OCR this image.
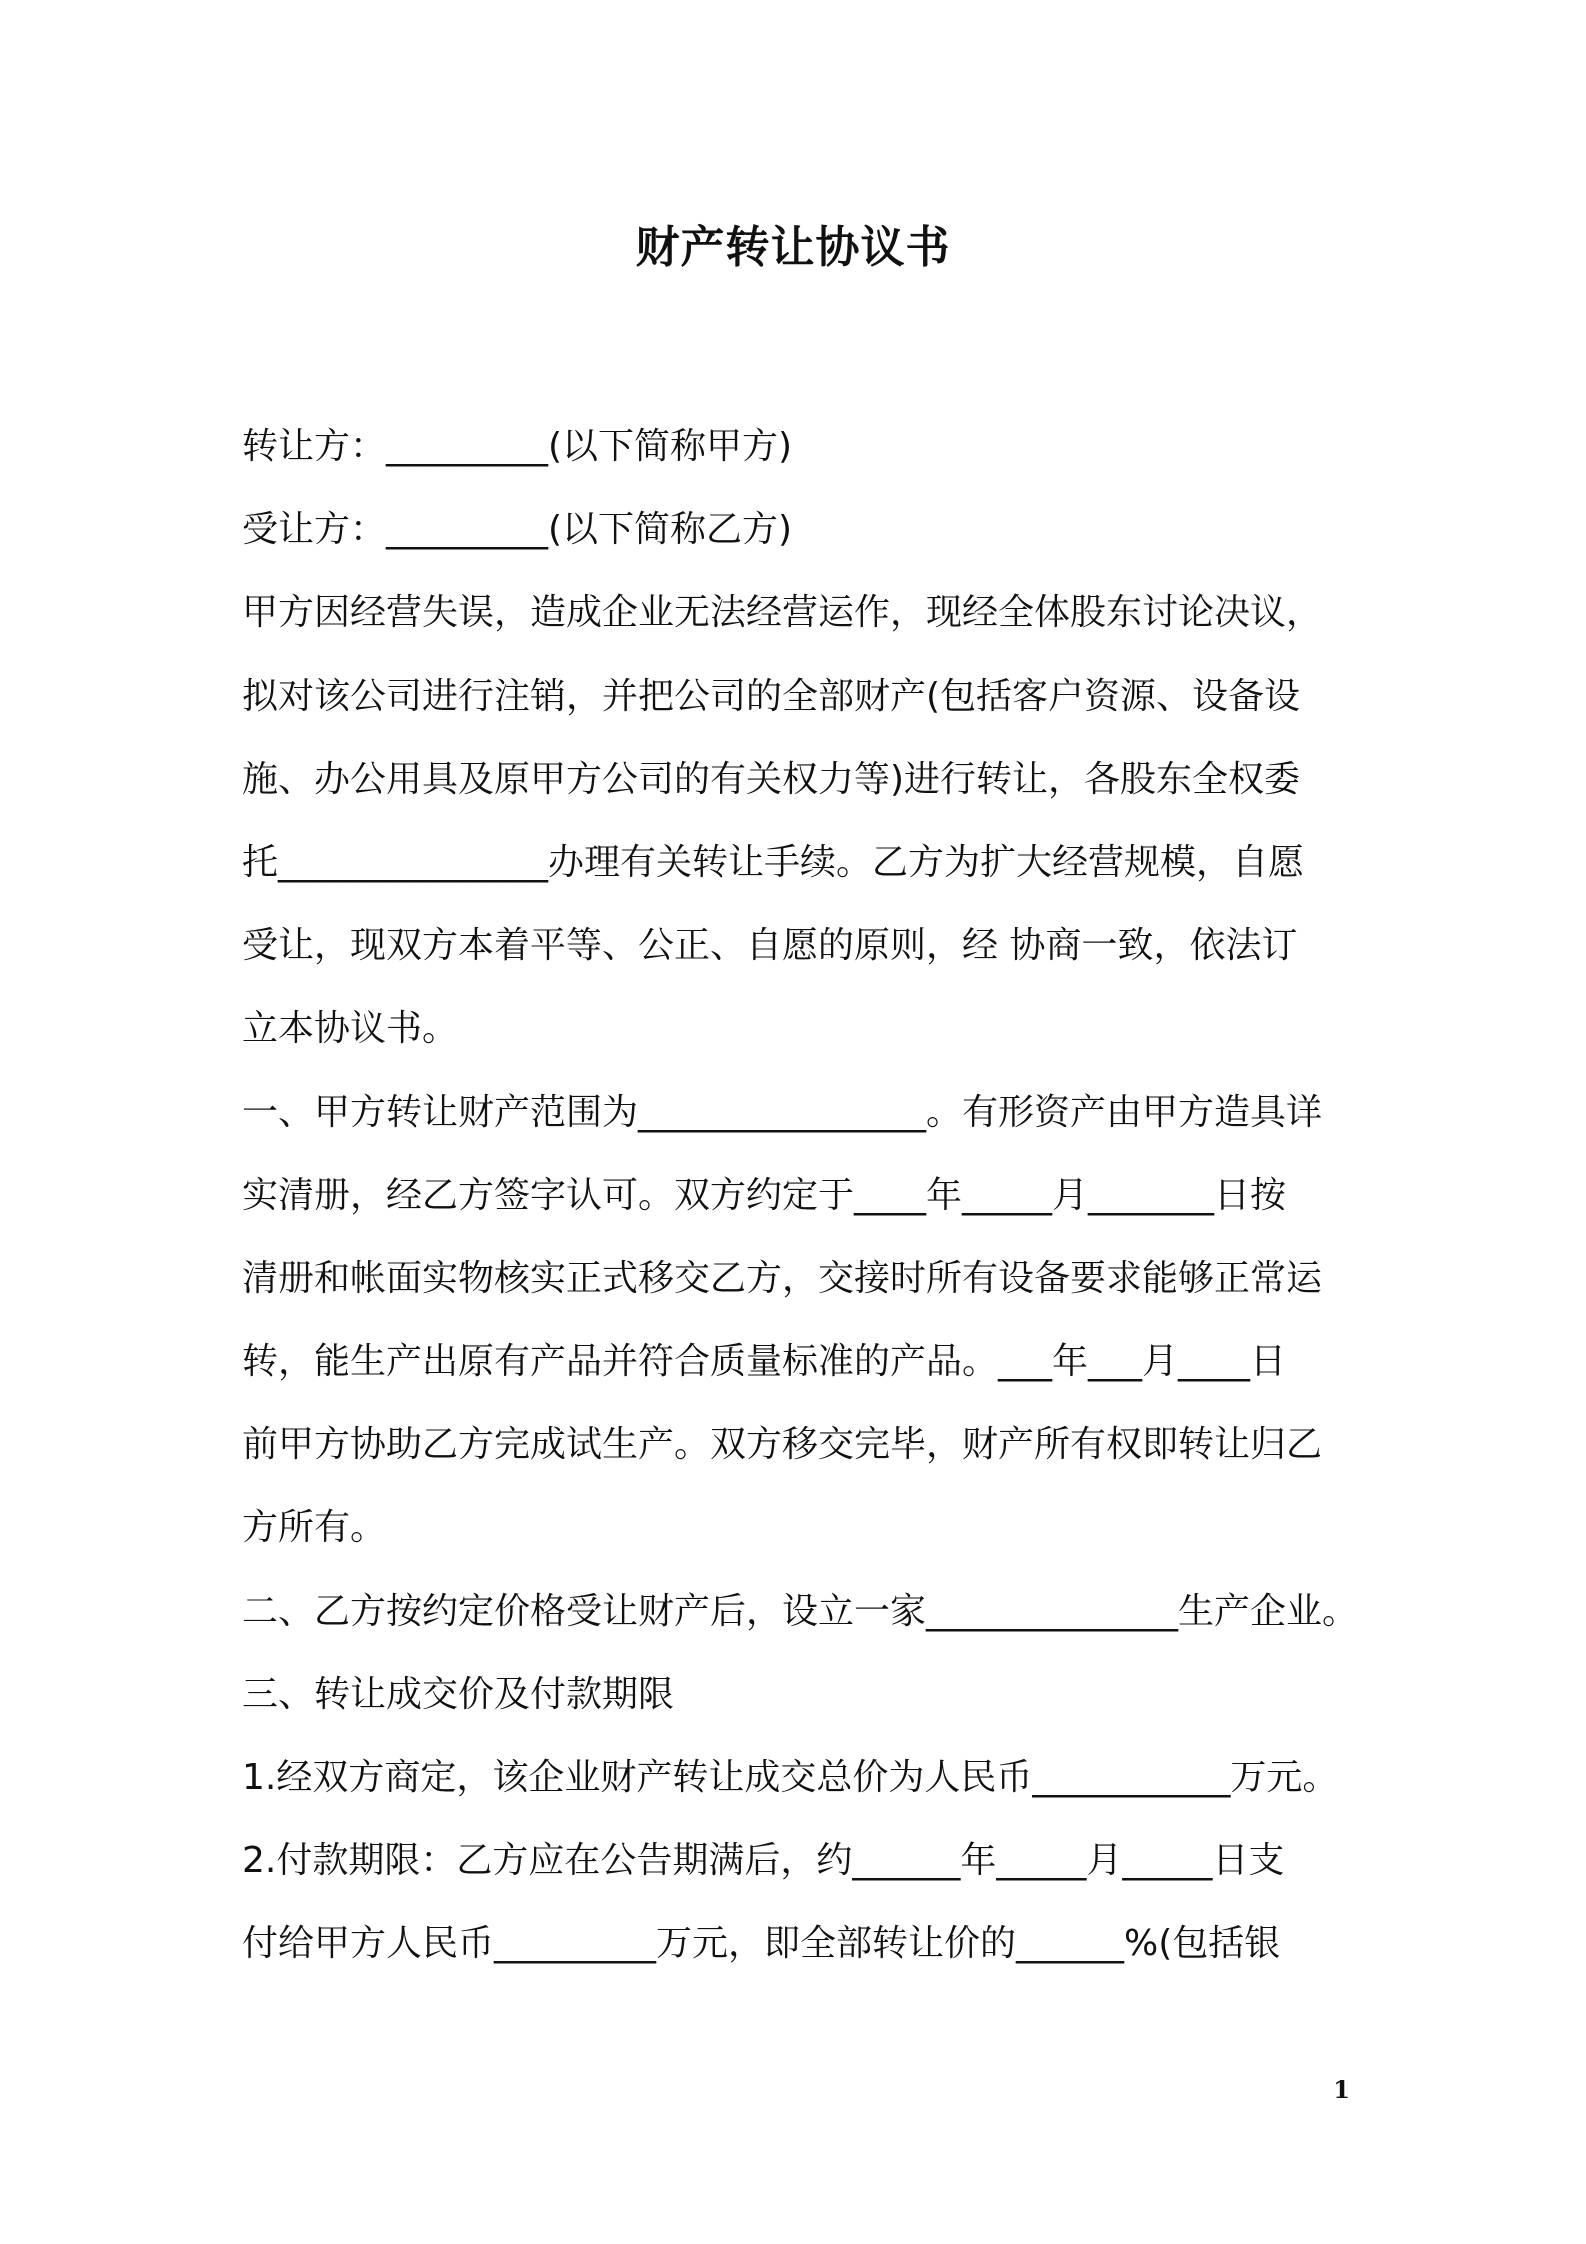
财产转让协议书
转让方：_________(以下简称甲方)
受让方：_________(以下简称乙方)
甲方因经营失误，造成企业无法经营运作，现经全体股东讨论决议，
拟对该公司进行注销，并把公司的全部财产(包括客户资源、设备设
施、办公用具及原甲方公司的有关权力等)进行转让，各股东全权委
托_______________办理有关转让手续。乙方为扩大经营规模，自愿
受让，现双方本着平等、公正、自愿的原则，经 协商一致，依法订
立本协议书。
一、甲方转让财产范围为________________。有形资产由甲方造具详
实清册，经乙方签字认可。双方约定于____年_____月_______日按
清册和帐面实物核实正式移交乙方，交接时所有设备要求能够正常运
转，能生产出原有产品并符合质量标准的产品。___年___月____日
前甲方协助乙方完成试生产。双方移交完毕，财产所有权即转让归乙
方所有。
二、乙方按约定价格受让财产后，设立一家______________生产企业。
三、转让成交价及付款期限
1.经双方商定，该企业财产转让成交总价为人民币___________万元。
2.付款期限：乙方应在公告期满后，约______年_____月_____日支
付给甲方人民币_________万元，即全部转让价的______%(包括银
1
